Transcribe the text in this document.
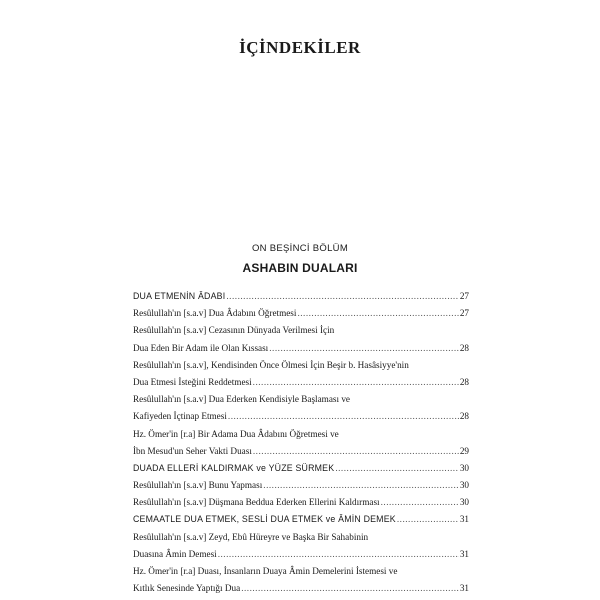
İÇİNDEKİLER
ON BEŞİNCİ BÖLÜM
ASHABIN DUALARI
DUA ETMENİN ÂDABI .....	27
Resûlullah'ın [s.a.v] Dua Âdabını Öğretmesi .....	27
Resûlullah'ın [s.a.v] Cezasının Dünyada Verilmesi İçin
Dua Eden Bir Adam ile Olan Kıssası .....	28
Resûlullah'ın [s.a.v], Kendisinden Önce Ölmesi İçin Beşir b. Hasâsiyye'nin
Dua Etmesi İsteğini Reddetmesi .....	28
Resûlullah'ın [s.a.v] Dua Ederken Kendisiyle Başlaması ve
Kafiyeden İçtinap Etmesi .....	28
Hz. Ömer'in [r.a] Bir Adama Dua Âdabını Öğretmesi ve
İbn Mesud'un Seher Vakti Duası .....	29
DUADA ELLERİ KALDIRMAK ve YÜZE SÜRMEK .....	30
Resûlullah'ın [s.a.v] Bunu Yapması .....	30
Resûlullah'ın [s.a.v] Düşmana Beddua Ederken Ellerini Kaldırması .....	30
CEMAATLE DUA ETMEK, SESLİ DUA ETMEK ve ÂMİN DEMEK .....	31
Resûlullah'ın [s.a.v] Zeyd, Ebû Hüreyre ve Başka Bir Sahabinin
Duasına Âmin Demesi .....	31
Hz. Ömer'in [r.a] Duası, İnsanların Duaya Âmin Demelerini İstemesi ve
Kıtlık Senesinde Yaptığı Dua .....	31
